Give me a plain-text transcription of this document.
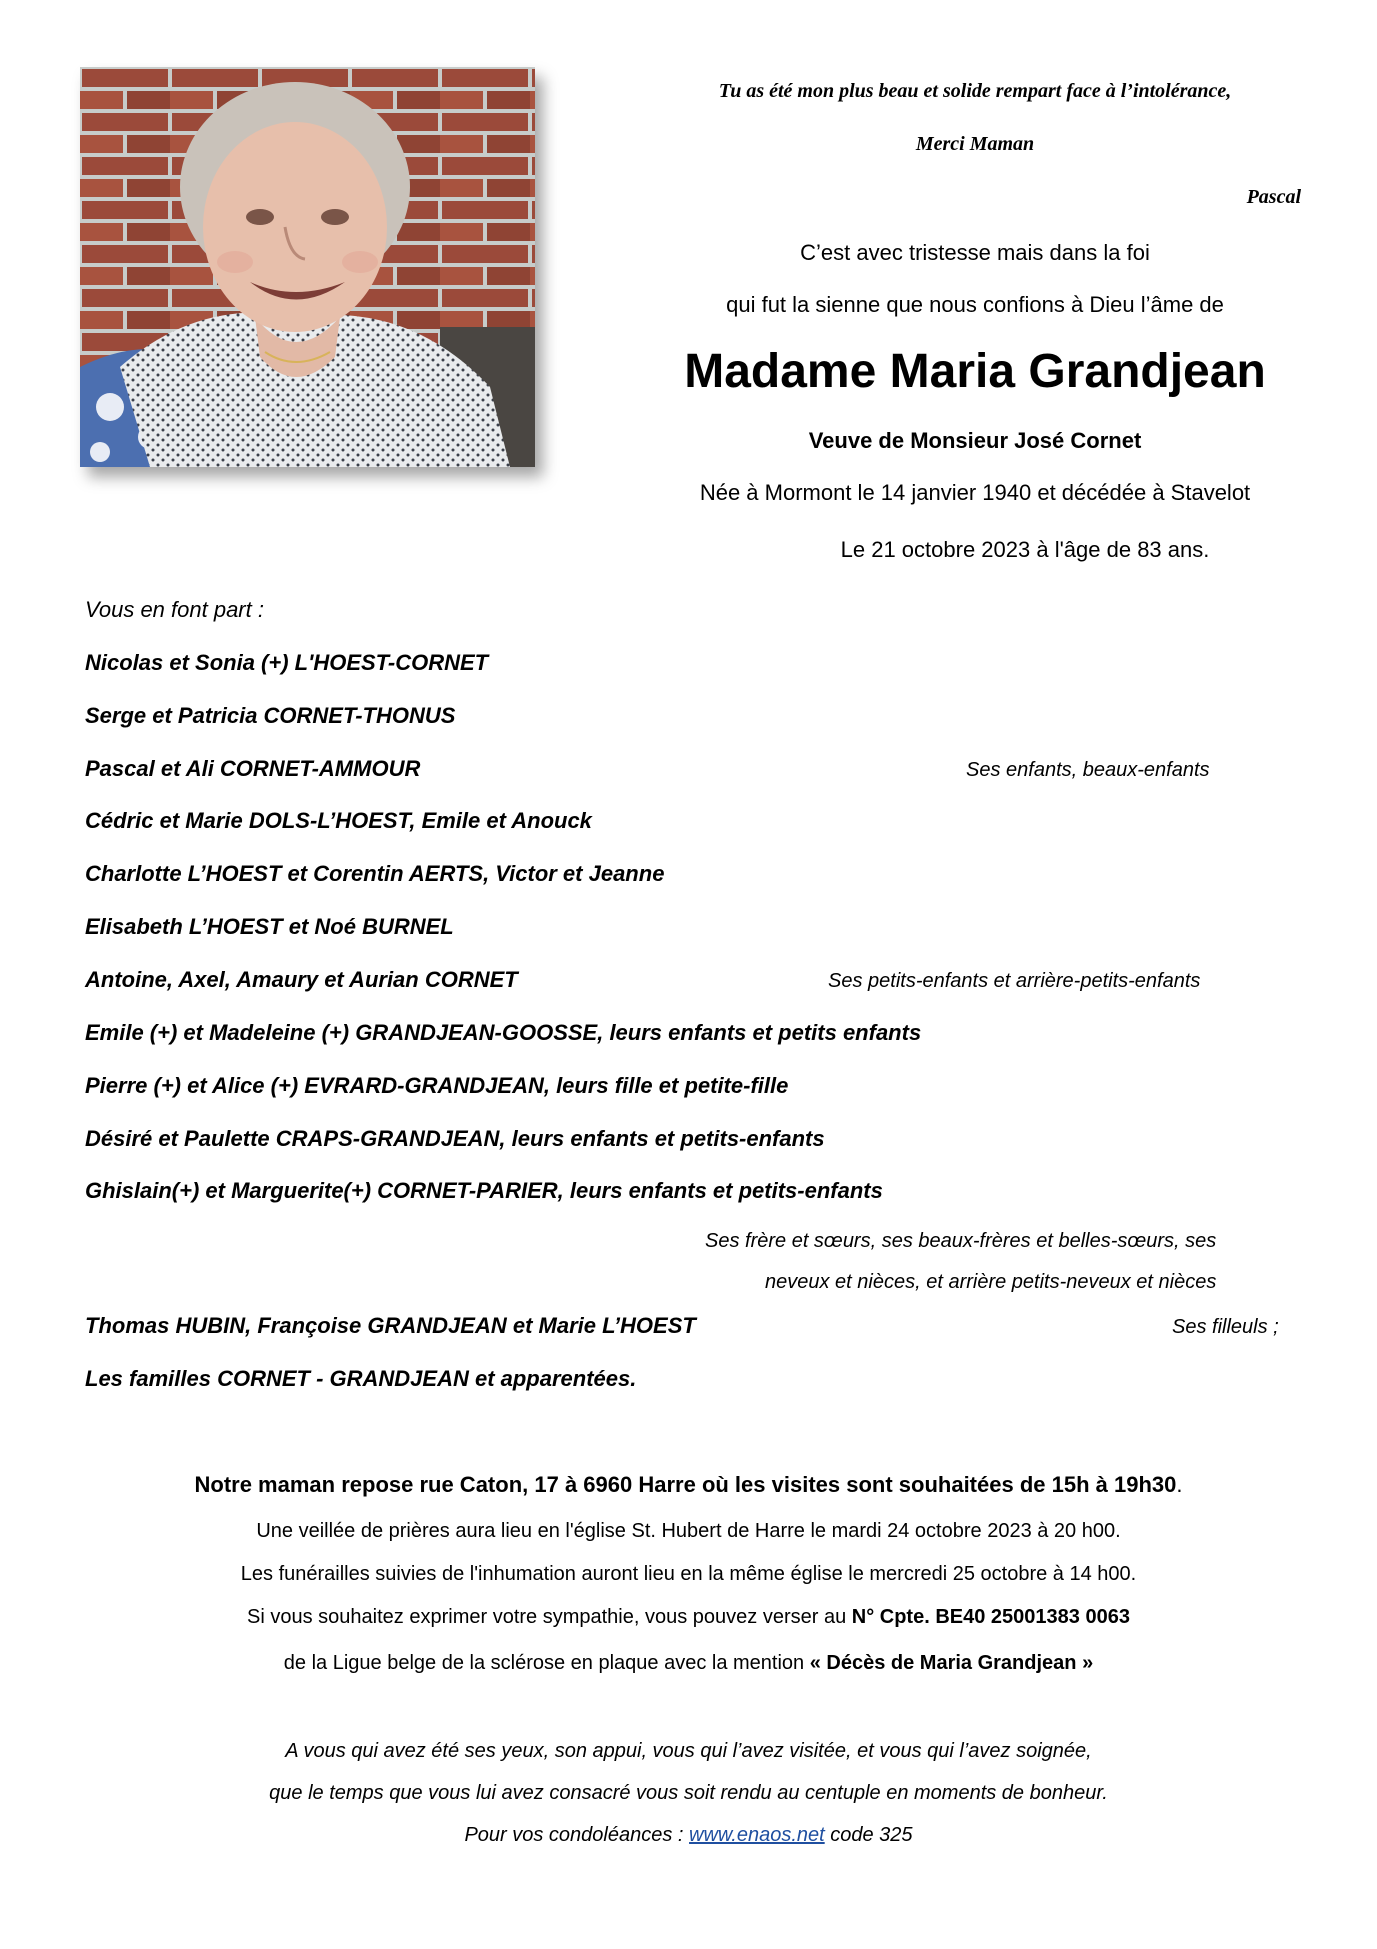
Tu as été mon plus beau et solide rempart face à l’intolérance,
Merci Maman
Pascal
C’est avec tristesse mais dans la foi
qui fut la sienne que nous confions à Dieu l’âme de
Madame Maria Grandjean
Veuve de Monsieur José Cornet
Née à Mormont le 14 janvier 1940 et décédée à Stavelot
Le 21 octobre 2023 à l'âge de 83 ans.
Vous en font part :
Nicolas et Sonia (+) L'HOEST-CORNET
Serge et Patricia CORNET-THONUS
Pascal et Ali CORNET-AMMOUR	Ses enfants, beaux-enfants
Cédric et Marie DOLS-L’HOEST, Emile et Anouck
Charlotte L’HOEST et Corentin AERTS, Victor et Jeanne
Elisabeth L’HOEST et Noé BURNEL
Antoine, Axel, Amaury et Aurian CORNET	Ses petits-enfants et arrière-petits-enfants
Emile (+) et Madeleine (+) GRANDJEAN-GOOSSE, leurs enfants et petits enfants
Pierre (+) et Alice (+) EVRARD-GRANDJEAN, leurs fille et petite-fille
Désiré et Paulette CRAPS-GRANDJEAN, leurs enfants et petits-enfants
Ghislain(+) et Marguerite(+) CORNET-PARIER, leurs enfants et petits-enfants
Ses frère et sœurs, ses beaux-frères et belles-sœurs, ses
neveux et nièces, et arrière petits-neveux et nièces
Thomas HUBIN, Françoise GRANDJEAN et Marie L’HOEST	Ses filleuls ;
Les familles CORNET - GRANDJEAN et apparentées.
Notre maman repose rue Caton, 17 à 6960 Harre où les visites sont souhaitées de 15h à 19h30.
Une veillée de prières aura lieu en l'église St. Hubert de Harre le mardi 24 octobre 2023 à 20 h00.
Les funérailles suivies de l'inhumation auront lieu en la même église le mercredi 25 octobre à 14 h00.
Si vous souhaitez exprimer votre sympathie, vous pouvez verser au N° Cpte. BE40 25001383 0063
de la Ligue belge de la sclérose en plaque avec la mention « Décès de Maria Grandjean »
A vous qui avez été ses yeux, son appui, vous qui l’avez visitée, et vous qui l’avez soignée,
que le temps que vous lui avez consacré vous soit rendu au centuple en moments de bonheur.
Pour vos condoléances : www.enaos.net code 325
